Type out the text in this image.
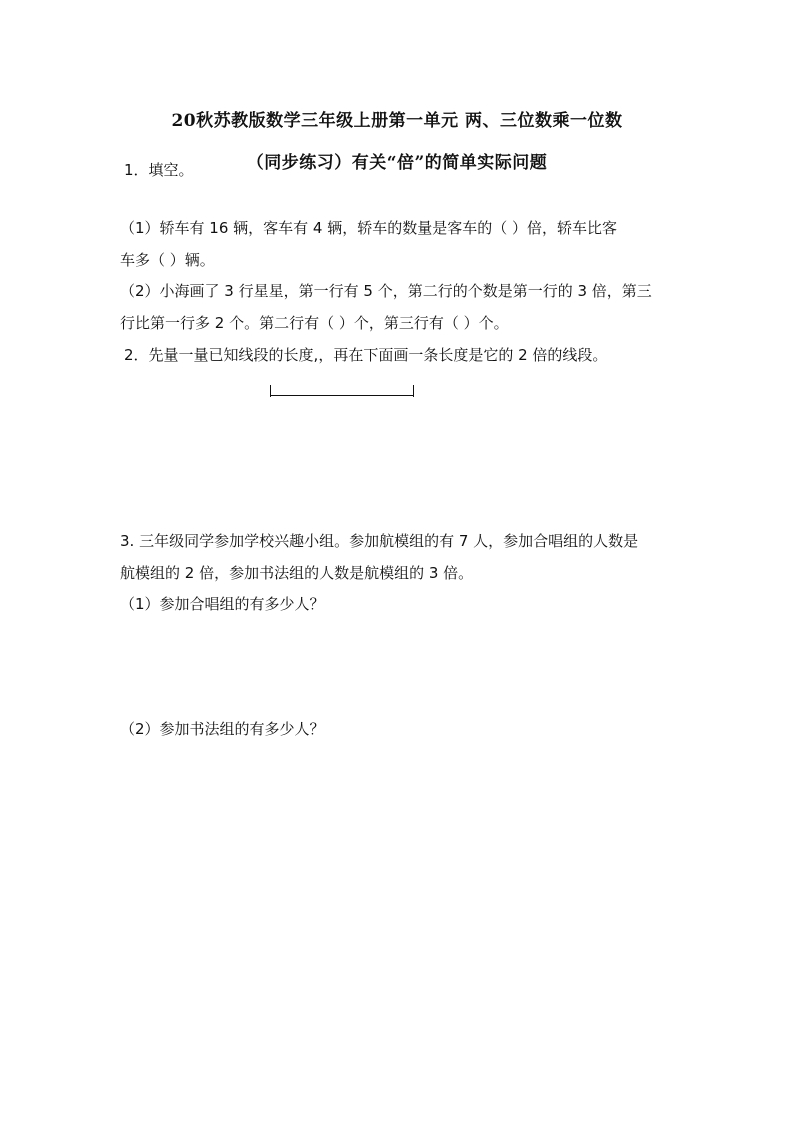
20秋苏教版数学三年级上册第一单元 两、三位数乘一位数
（同步练习）有关“倍”的简单实际问题
1．填空。
（1）轿车有 16 辆，客车有 4 辆，轿车的数量是客车的（ ）倍，轿车比客
车多（ ）辆。
（2）小海画了 3 行星星，第一行有 5 个，第二行的个数是第一行的 3 倍，第三
行比第一行多 2 个。第二行有（ ）个，第三行有（ ）个。
2．先量一量已知线段的长度,，再在下面画一条长度是它的 2 倍的线段。
3. 三年级同学参加学校兴趣小组。参加航模组的有 7 人，参加合唱组的人数是
航模组的 2 倍，参加书法组的人数是航模组的 3 倍。
（1）参加合唱组的有多少人？
（2）参加书法组的有多少人？
